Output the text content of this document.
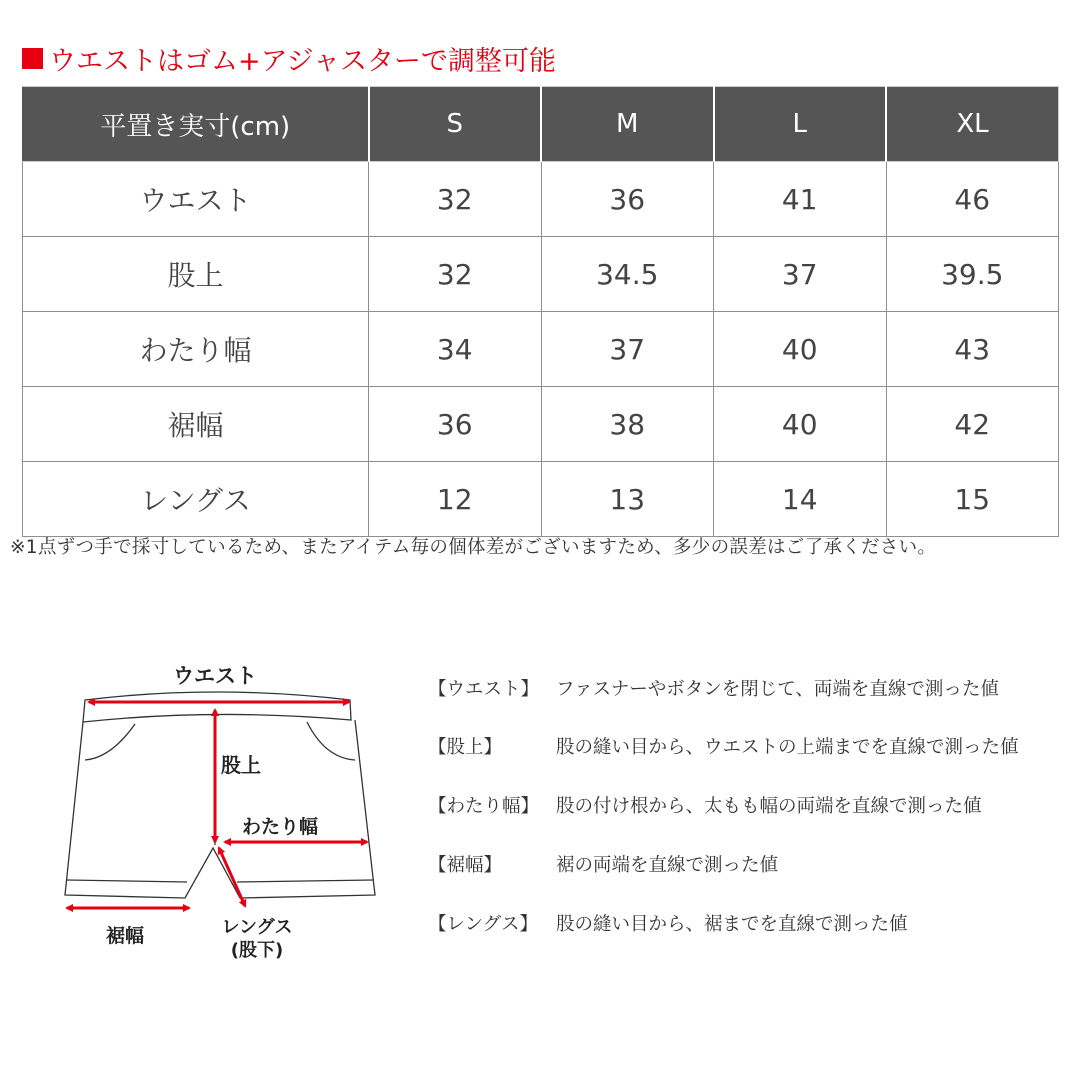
ウエストはゴム+アジャスターで調整可能
平置き実寸(cm)	S	M	L	XL
ウエスト	32	36	41	46
股上	32	34.5	37	39.5
わたり幅	34	37	40	43
裾幅	36	38	40	42
レングス	12	13	14	15
※1点ずつ手で採寸しているため、またアイテム毎の個体差がございますため、多少の誤差はご了承ください。
ウエスト
股上
わたり幅
裾幅	レングス
(股下)
【ウエスト】 ファスナーやボタンを閉じて、両端を直線で測った値
【股上】	股の縫い目から、ウエストの上端までを直線で測った値
【わたり幅】 股の付け根から、太もも幅の両端を直線で測った値
【裾幅】	裾の両端を直線で測った値
【レングス】 股の縫い目から、裾までを直線で測った値
